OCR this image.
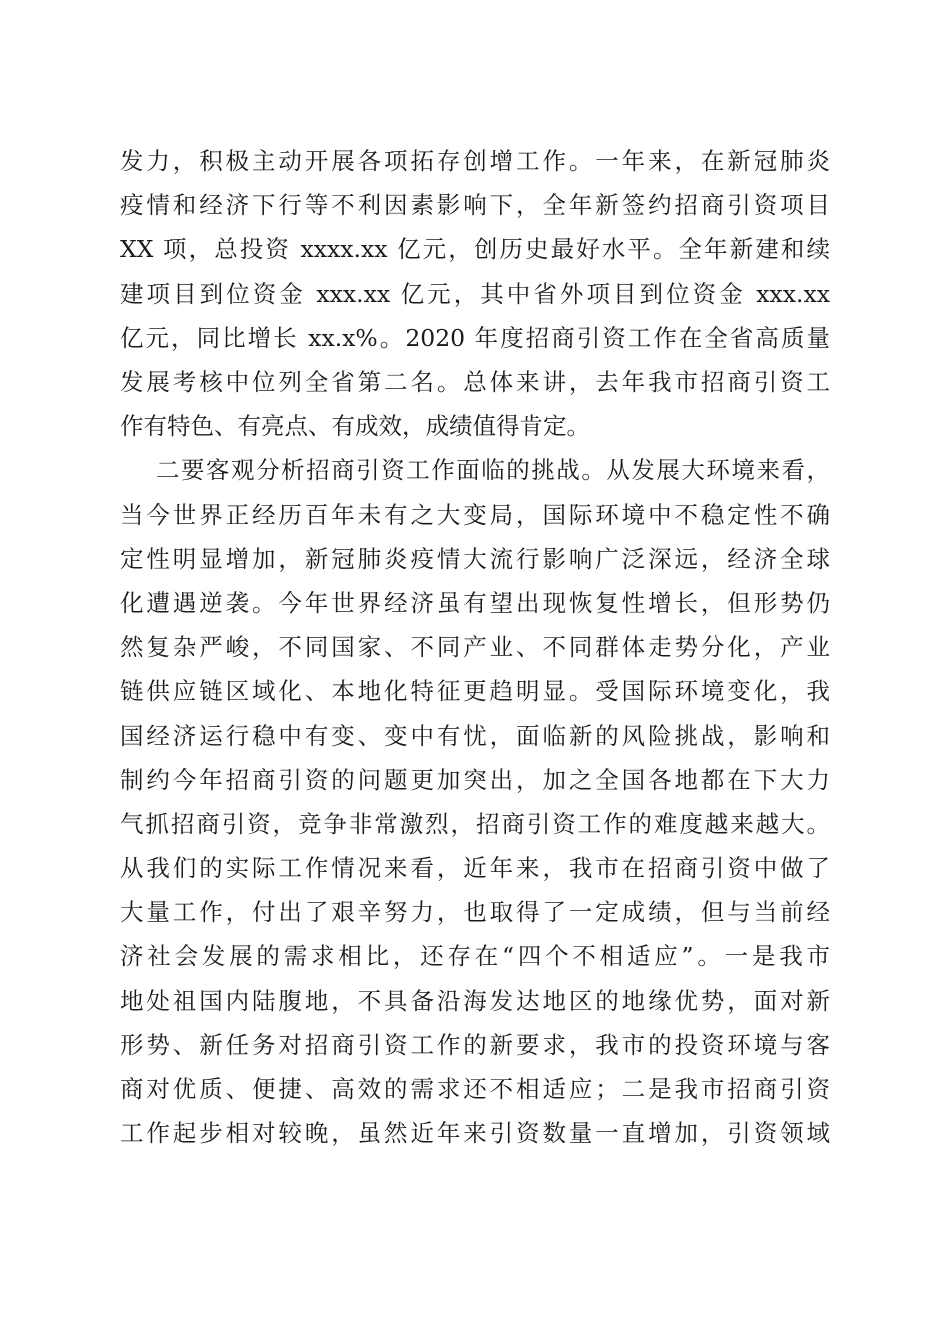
发力，积极主动开展各项拓存创增工作。一年来，在新冠肺炎
疫情和经济下行等不利因素影响下，全年新签约招商引资项目
XX 项，总投资 xxxx.xx 亿元，创历史最好水平。全年新建和续
建项目到位资金 xxx.xx 亿元，其中省外项目到位资金 xxx.xx
亿元，同比增长 xx.x%。2020 年度招商引资工作在全省高质量
发展考核中位列全省第二名。总体来讲，去年我市招商引资工
作有特色、有亮点、有成效，成绩值得肯定。
二要客观分析招商引资工作面临的挑战。从发展大环境来看，
当今世界正经历百年未有之大变局，国际环境中不稳定性不确
定性明显增加，新冠肺炎疫情大流行影响广泛深远，经济全球
化遭遇逆袭。今年世界经济虽有望出现恢复性增长，但形势仍
然复杂严峻，不同国家、不同产业、不同群体走势分化，产业
链供应链区域化、本地化特征更趋明显。受国际环境变化，我
国经济运行稳中有变、变中有忧，面临新的风险挑战，影响和
制约今年招商引资的问题更加突出，加之全国各地都在下大力
气抓招商引资，竞争非常激烈，招商引资工作的难度越来越大。
从我们的实际工作情况来看，近年来，我市在招商引资中做了
大量工作，付出了艰辛努力，也取得了一定成绩，但与当前经
济社会发展的需求相比，还存在“四个不相适应”。一是我市
地处祖国内陆腹地，不具备沿海发达地区的地缘优势，面对新
形势、新任务对招商引资工作的新要求，我市的投资环境与客
商对优质、便捷、高效的需求还不相适应；二是我市招商引资
工作起步相对较晚，虽然近年来引资数量一直增加，引资领域
